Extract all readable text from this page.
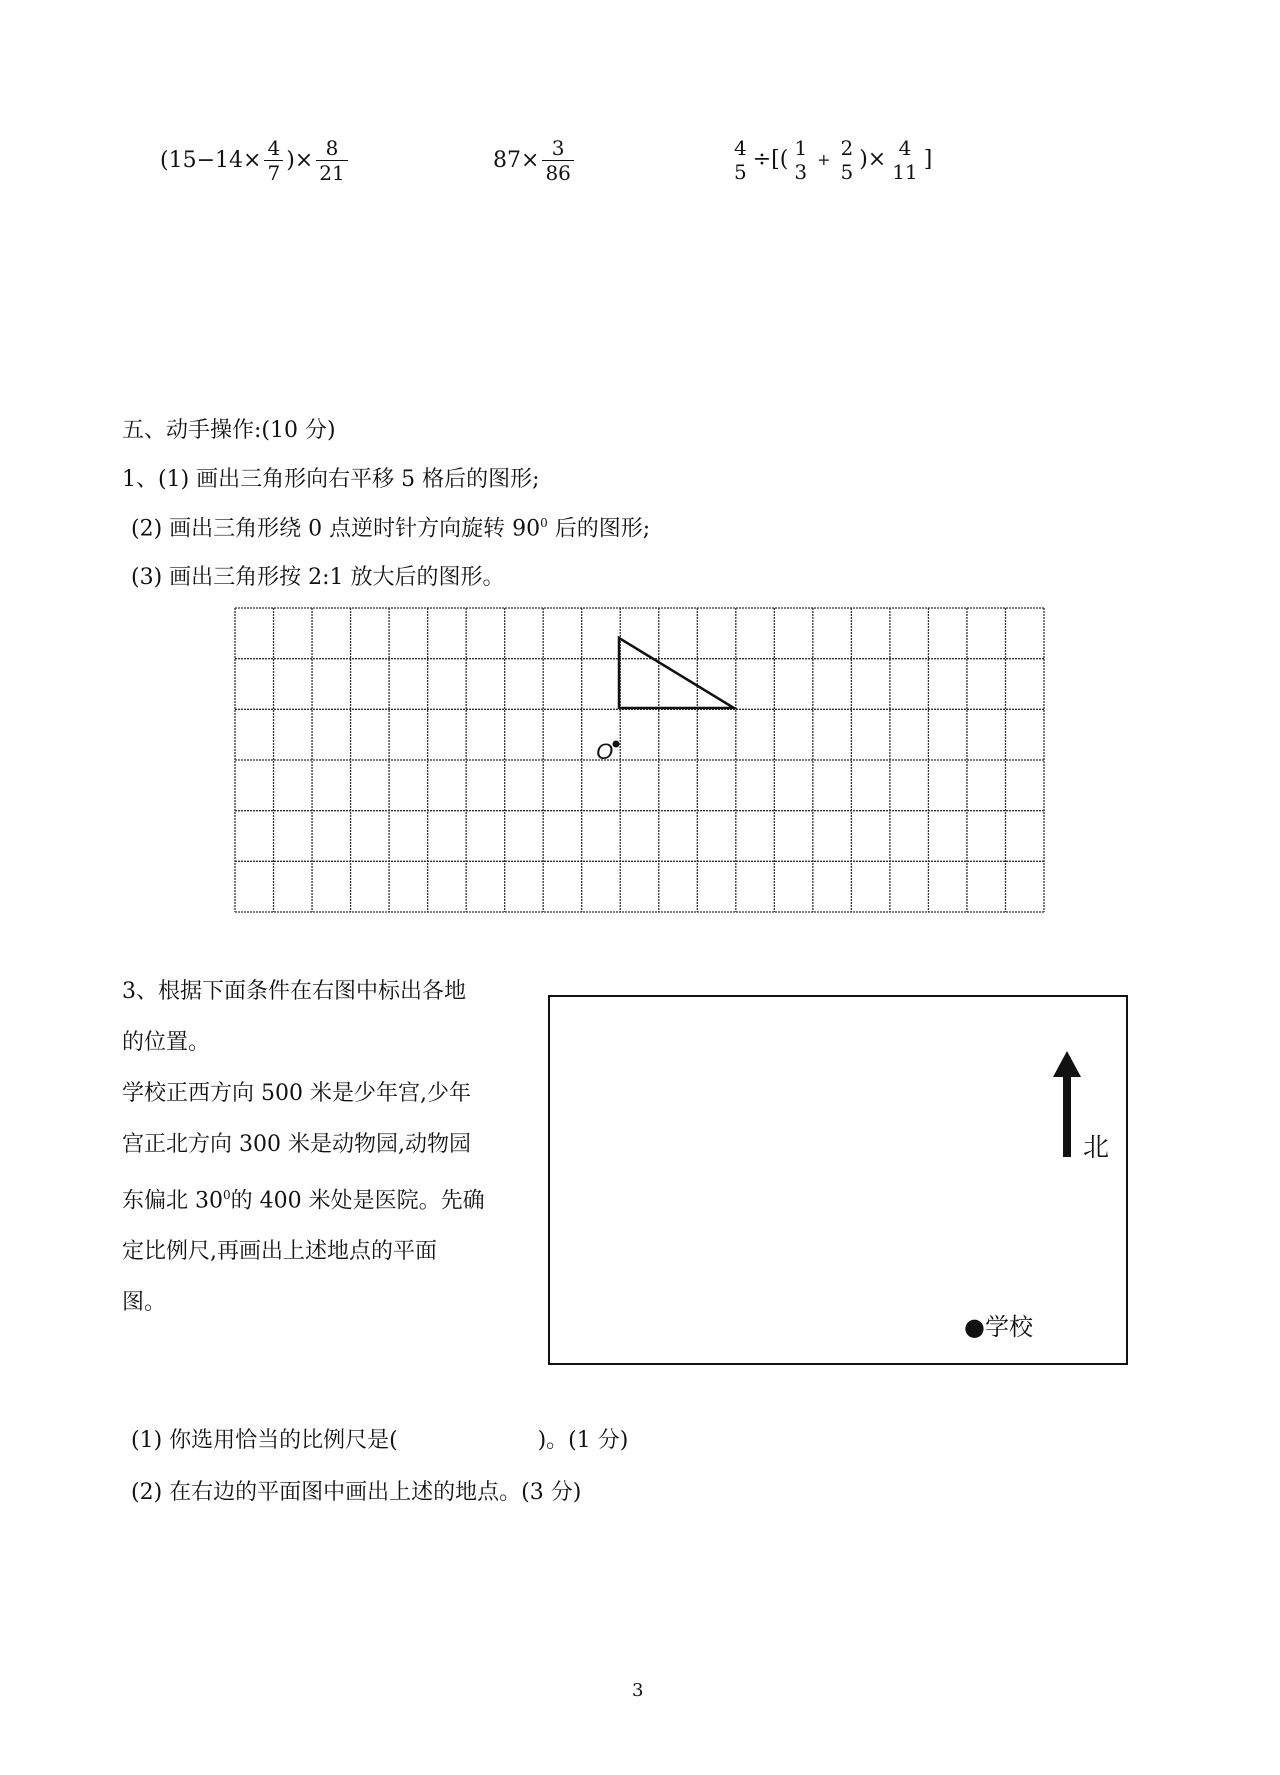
($15-14\times \frac{4}{7}$ )× $\frac{8}{21}$	$87\times \frac{3}{86}$	4
5 ÷[( 1
3
+ 2
5 )× 4
11 ]
五、动手操作:(10 分)
1、(1) 画出三角形向右平移 5 格后的图形;
(2) 画出三角形绕 0 点逆时针方向旋转 $90^0$ 后的图形;
(3) 画出三角形按 2:1 放大后的图形。
O
3、根据下面条件在右图中标出各地
的位置。
学校正西方向 500 米是少年宫,少年
宫正北方向 300 米是动物园,动物园
东偏北 $30^0$的 400 米处是医院。先确
定比例尺,再画出上述地点的平面
图。
北
●学校
(1) 你选用恰当的比例尺是(                    )。(1 分)
(2) 在右边的平面图中画出上述的地点。(3 分)
3
